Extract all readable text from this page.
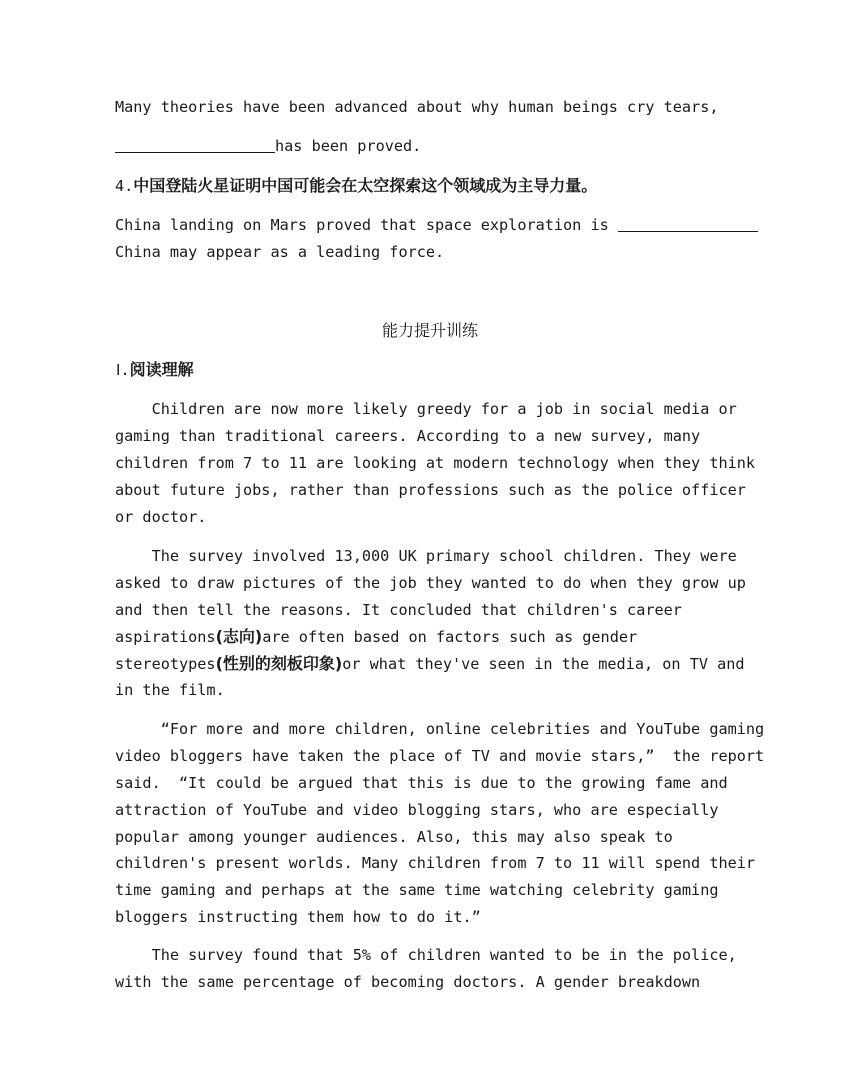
Many theories have been advanced about why human beings cry tears,
has been proved.
4.中国登陆火星证明中国可能会在太空探索这个领域成为主导力量。
China landing on Mars proved that space exploration is
China may appear as a leading force.
能力提升训练
Ⅰ.阅读理解
Children are now more likely greedy for a job in social media or
gaming than traditional careers. According to a new survey, many
children from 7 to 11 are looking at modern technology when they think
about future jobs, rather than professions such as the police officer
or doctor.
The survey involved 13,000 UK primary school children. They were
asked to draw pictures of the job they wanted to do when they grow up
and then tell the reasons. It concluded that children's career
aspirations(志向)are often based on factors such as gender
stereotypes(性别的刻板印象)or what they've seen in the media, on TV and
in the film.
“For more and more children, online celebrities and YouTube gaming
video bloggers have taken the place of TV and movie stars,”  the report
said.  “It could be argued that this is due to the growing fame and
attraction of YouTube and video blogging stars, who are especially
popular among younger audiences. Also, this may also speak to
children's present worlds. Many children from 7 to 11 will spend their
time gaming and perhaps at the same time watching celebrity gaming
bloggers instructing them how to do it.”
The survey found that 5% of children wanted to be in the police,
with the same percentage of becoming doctors. A gender breakdown
